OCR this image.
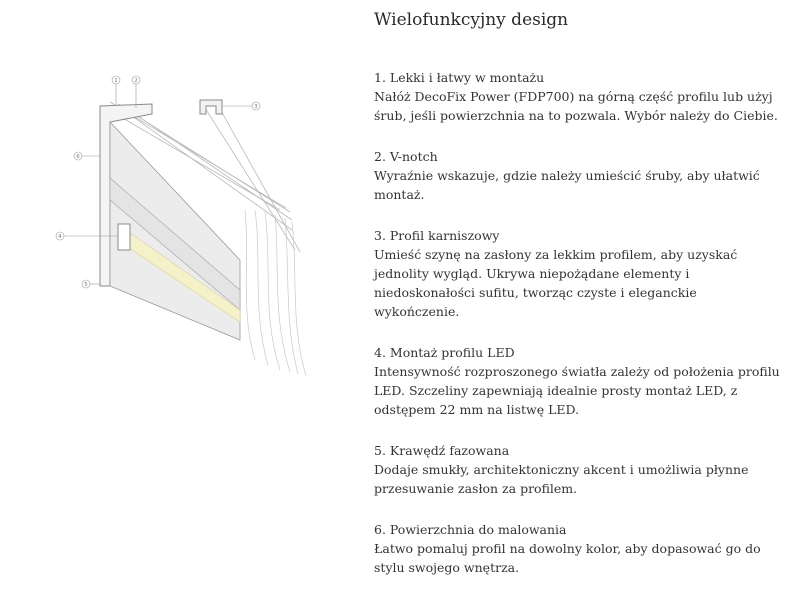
1	2
3
4
5
6
Wielofunkcyjny design

1. Lekki i łatwy w montażu

Nałóż DecoFix Power (FDP700) na górną część profilu lub użyj śrub, jeśli powierzchnia na to pozwala. Wybór należy do Ciebie.

2. V-notch

Wyraźnie wskazuje, gdzie należy umieścić śruby, aby ułatwić montaż.

3. Profil karniszowy

Umieść szynę na zasłony za lekkim profilem, aby uzyskać jednolity wygląd. Ukrywa niepożądane elementy i niedoskonałości sufitu, tworząc czyste i eleganckie wykończenie.

4. Montaż profilu LED

Intensywność rozproszonego światła zależy od położenia profilu LED. Szczeliny zapewniają idealnie prosty montaż LED, z odstępem 22 mm na listwę LED.

5. Krawędź fazowana

Dodaje smukły, architektoniczny akcent i umożliwia płynne przesuwanie zasłon za profilem.

6. Powierzchnia do malowania

Łatwo pomaluj profil na dowolny kolor, aby dopasować go do stylu swojego wnętrza.
